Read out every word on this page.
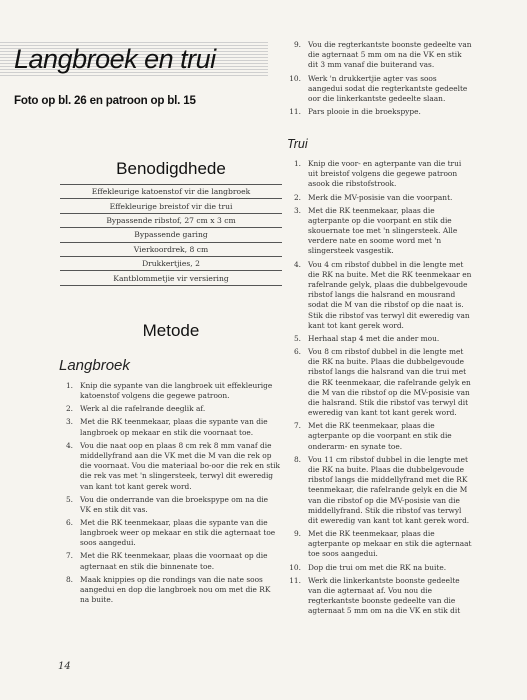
Langbroek en trui

Foto op bl. 26 en patroon op bl. 15

Benodigdhede
Effekleurige katoenstof vir die langbroek
Effekleurige breistof vir die trui
Bypassende ribstof, 27 cm x 3 cm
Bypassende garing
Vierkoordrek, 8 cm
Drukkertjies, 2
Kantblommetjie vir versiering
Metode
Langbroek
1. Knip die sypante van die langbroek uit effekleurige katoenstof volgens die gegewe patroon.
2. Werk al die rafelrande deeglik af.
3. Met die RK teenmekaar, plaas die sypante van die langbroek op mekaar en stik die voornaat toe.
4. Vou die naat oop en plaas 8 cm rek 8 mm vanaf die middellyfrand aan die VK met die M van die rek op die voornaat. Vou die materiaal bo-oor die rek en stik die rek vas met 'n slingersteek, terwyl dit eweredig van kant tot kant gerek word.
5. Vou die onderrande van die broekspype om na die VK en stik dit vas.
6. Met die RK teenmekaar, plaas die sypante van die langbroek weer op mekaar en stik die agternaat toe soos aangedui.
7. Met die RK teenmekaar, plaas die voornaat op die agternaat en stik die binnenate toe.
8. Maak knippies op die rondings van die nate soos aangedui en dop die langbroek nou om met die RK na buite.
9. Vou die regterkantste boonste gedeelte van die agternaat 5 mm om na die VK en stik dit 3 mm vanaf die buiterand vas.
10. Werk 'n drukkertjie agter vas soos aangedui sodat die regterkantste gedeelte oor die linkerkantste gedeelte slaan.
11. Pars plooie in die broekspype.
Trui
1. Knip die voor- en agterpante van die trui uit breistof volgens die gegewe patroon asook die ribstofstrook.
2. Merk die MV-posisie van die voorpant.
3. Met die RK teenmekaar, plaas die agterpante op die voorpant en stik die skouernate toe met 'n slingersteek. Alle verdere nate en soome word met 'n slingersteek vasgestik.
4. Vou 4 cm ribstof dubbel in die lengte met die RK na buite. Met die RK teenmekaar en rafelrande gelyk, plaas die dubbelgevoude ribstof langs die halsrand en mousrand sodat die M van die ribstof op die naat is. Stik die ribstof vas terwyl dit eweredig van kant tot kant gerek word.
5. Herhaal stap 4 met die ander mou.
6. Vou 8 cm ribstof dubbel in die lengte met die RK na buite. Plaas die dubbelgevoude ribstof langs die halsrand van die trui met die RK teenmekaar, die rafelrande gelyk en die M van die ribstof op die MV-posisie van die halsrand. Stik die ribstof vas terwyl dit eweredig van kant tot kant gerek word.
7. Met die RK teenmekaar, plaas die agterpante op die voorpant en stik die onderarm- en synate toe.
8. Vou 11 cm ribstof dubbel in die lengte met die RK na buite. Plaas die dubbelgevoude ribstof langs die middellyfrand met die RK teenmekaar, die rafelrande gelyk en die M van die ribstof op die MV-posisie van die middellyfrand. Stik die ribstof vas terwyl dit eweredig van kant tot kant gerek word.
9. Met die RK teenmekaar, plaas die agterpante op mekaar en stik die agternaat toe soos aangedui.
10. Dop die trui om met die RK na buite.
11. Werk die linkerkantste boonste gedeelte van die agternaat af. Vou nou die regterkantste boonste gedeelte van die agternaat 5 mm om na die VK en stik dit
14
